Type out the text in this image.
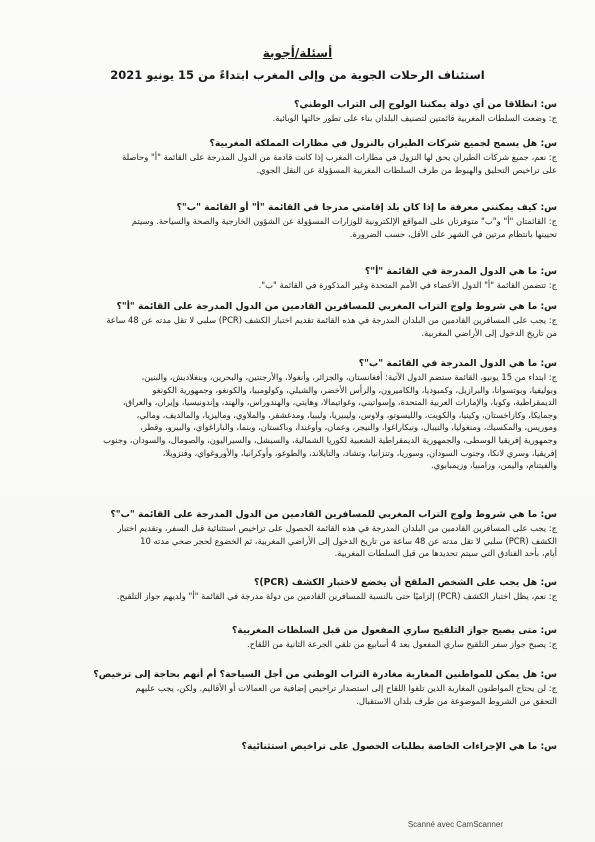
أسئلة/أجوبة
استئناف الرحلات الجوية من وإلى المغرب ابتداءً من 15 يونيو 2021
س: انطلاقا من أي دولة يمكننا الولوج إلى التراب الوطني؟
ج: وضعت السلطات المغربية قائمتين لتصنيف البلدان بناء على تطور حالتها الوبائية.
س: هل يسمح لجميع شركات الطيران بالنزول في مطارات المملكة المغربية؟
ج: نعم، جميع شركات الطيران يحق لها النزول في مطارات المغرب إذا كانت قادمة من الدول المدرجة على القائمة "أ" وحاصلة
على تراخيص التحليق والهبوط من طرف السلطات المغربية المسؤولة عن النقل الجوي.
س: كيف يمكنني معرفة ما إذا كان بلد إقامتي مدرجا في القائمة "أ" أو القائمة "ب"؟
ج: القائمتان "أ" و"ب" متوفرتان على المواقع الإلكترونية للوزارات المسؤولة عن الشؤون الخارجية والصحة والسياحة. وسيتم
تحيينها بانتظام مرتين في الشهر على الأقل، حسب الضرورة.
س: ما هي الدول المدرجة في القائمة "أ"؟
ج: تتضمن القائمة "أ" الدول الأعضاء في الأمم المتحدة وغير المذكورة في القائمة "ب".
س: ما هي شروط ولوج التراب المغربي للمسافرين القادمين من الدول المدرجة على القائمة "أ"؟
ج: يجب على المسافرين القادمين من البلدان المدرجة في هذه القائمة تقديم اختبار الكشف (PCR) سلبي لا تقل مدته عن 48 ساعة
من تاريخ الدخول إلى الأراضي المغربية.
س: ما هي الدول المدرجة في القائمة "ب"؟
ج: ابتداء من 15 يونيو، القائمة ستضم الدول الآتية: أفغانستان، والجزائر، وأنغولا، والأرجنتين، والبحرين، وبنغلاديش، والبنين،
وبوليفيا، وبوتسوانا، والبرازيل، وكمبوديا، والكاميرون، والرأس الأخضر، والشيلي، وكولومبيا، والكونغو، وجمهورية الكونغو
الديمقراطية، وكوبا، والإمارات العربية المتحدة، وإسواتيني، وغواتيمالا، وهايتي، والهندوراس، والهند، وإندونيسيا، وإيران، والعراق،
وجمايكا، وكازاخستان، وكينيا، والكويت، والليسوتو، ولاوس، وليبيريا، وليبيا، ومدغشقر، والملاوي، وماليزيا، والمالديف، ومالي،
وموريس، والمكسيك، ومنغوليا، والنيبال، ونيكاراغوا، والنيجر، وعمان، وأوغندا، وباكستان، وبنما، والباراغواي، والبيرو، وقطر،
وجمهورية إفريقيا الوسطى، والجمهورية الديمقراطية الشعبية لكوريا الشمالية، والسيشل، والسيراليون، والصومال، والسودان، وجنوب
إفريقيا، وسري لانكا، وجنوب السودان، وسوريا، وتنزانيا، وتشاد، والتايلاند، والطوغو، وأوكرانيا، والأوروغواي، وفنزويلا،
والفيتنام، واليمن، وزامبيا، وزيمبابوي.
س: ما هي شروط ولوج التراب المغربي للمسافرين القادمين من الدول المدرجة على القائمة "ب"؟
ج: يجب على المسافرين القادمين من البلدان المدرجة في هذه القائمة الحصول على تراخيص استثنائية قبل السفر، وتقديم اختبار
الكشف (PCR) سلبي لا تقل مدته عن 48 ساعة من تاريخ الدخول إلى الأراضي المغربية، ثم الخضوع لحجر صحي مدته 10
أيام، بأحد الفنادق التي سيتم تحديدها من قبل السلطات المغربية.
س: هل يجب على الشخص الملقح أن يخضع لاختبار الكشف (PCR)؟
ج: نعم، يظل اختبار الكشف (PCR) إلزاميًا حتى بالنسبة للمسافرين القادمين من دولة مدرجة في القائمة "أ" ولديهم جواز التلقيح.
س: متى يصبح جواز التلقيح ساري المفعول من قبل السلطات المغربية؟
ج: يصبح جواز سفر التلقيح ساري المفعول بعد 4 أسابيع من تلقي الجرعة الثانية من اللقاح.
س: هل يمكن للمواطنين المغاربة مغادرة التراب الوطني من أجل السياحة؟ أم أنهم بحاجة إلى ترخيص؟
ج: لن يحتاج المواطنون المغاربة الذين تلقوا اللقاح إلى استصدار تراخيص إضافية من العمالات أو الأقاليم. ولكن، يجب عليهم
التحقق من الشروط الموضوعة من طرف بلدان الاستقبال.
س: ما هي الإجراءات الخاصة بطلبات الحصول على تراخيص استثنائية؟
Scanné avec CamScanner
